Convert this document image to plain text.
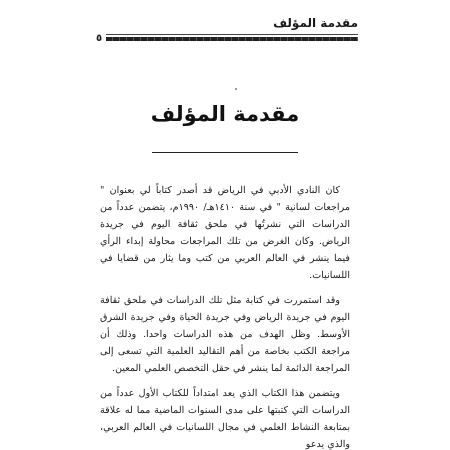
مقدمة المؤلف
٥
مقدمة المؤلف

كان النادي الأدبي في الرياض قد أصدر كتاباً لي بعنوان " مراجعات لسانية " في سنة ١٤١٠هـ/ ١٩٩٠م، يتضمن عدداً من الدراسات التي نشرتُها في ملحق ثقافة اليوم في جريدة الرياض. وكان الغرض من تلك المراجعات محاولة إبداء الرأي فيما ينشر في العالم العربي من كتب وما يثار من قضايا في اللسانيات.

وقد استمررت في كتابة مثل تلك الدراسات في ملحق ثقافة اليوم في جريدة الرياض وفي جريدة الحياة وفي جريدة الشرق الأوسط. وظل الهدف من هذه الدراسات واحدا. وذلك أن مراجعة الكتب بخاصة من أهم التقاليد العلمية التي تسعى إلى المراجعة الدائمة لما ينشر في حقل التخصص العلمي المعين.

ويتضمن هذا الكتاب الذي يعد امتداداً للكتاب الأول عدداً من الدراسات التي كتبتها على مدى السنوات الماضية مما له علاقة بمتابعة النشاط العلمي في مجال اللسانيات في العالم العربي، والذي يدعو
